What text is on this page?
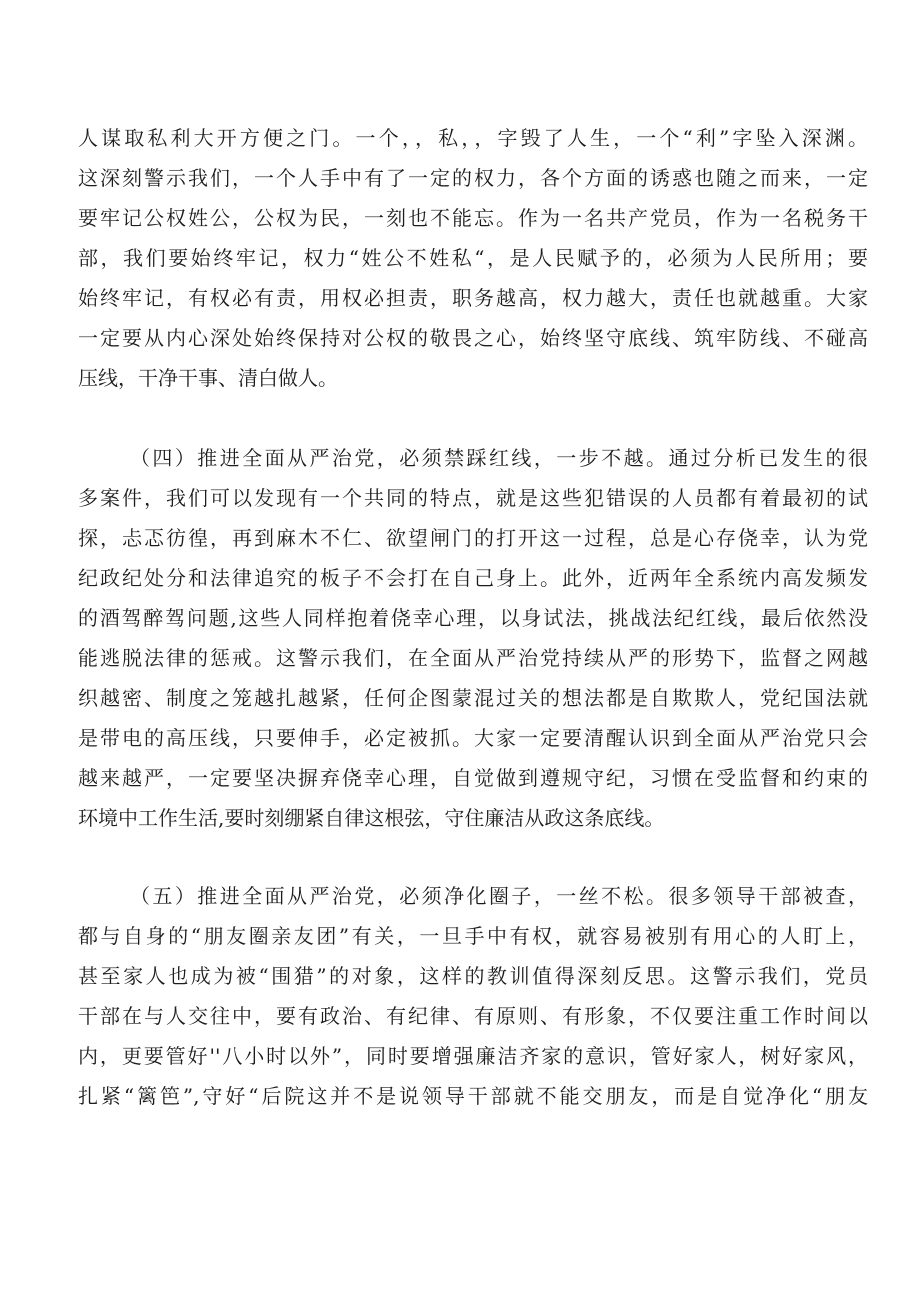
人谋取私利大开方便之门。一个，，私，，字毁了人生，一个“利”字坠入深渊。
这深刻警示我们，一个人手中有了一定的权力，各个方面的诱惑也随之而来，一定
要牢记公权姓公，公权为民，一刻也不能忘。作为一名共产党员，作为一名税务干
部，我们要始终牢记，权力“姓公不姓私“，是人民赋予的，必须为人民所用；要
始终牢记，有权必有责，用权必担责，职务越高，权力越大，责任也就越重。大家
一定要从内心深处始终保持对公权的敬畏之心，始终坚守底线、筑牢防线、不碰高
压线，干净干事、清白做人。
（四）推进全面从严治党，必须禁踩红线，一步不越。通过分析已发生的很
多案件，我们可以发现有一个共同的特点，就是这些犯错误的人员都有着最初的试
探，忐忑彷徨，再到麻木不仁、欲望闸门的打开这一过程，总是心存侥幸，认为党
纪政纪处分和法律追究的板子不会打在自己身上。此外，近两年全系统内高发频发
的酒驾醉驾问题,这些人同样抱着侥幸心理，以身试法，挑战法纪红线，最后依然没
能逃脱法律的惩戒。这警示我们，在全面从严治党持续从严的形势下，监督之网越
织越密、制度之笼越扎越紧，任何企图蒙混过关的想法都是自欺欺人，党纪国法就
是带电的高压线，只要伸手，必定被抓。大家一定要清醒认识到全面从严治党只会
越来越严，一定要坚决摒弃侥幸心理，自觉做到遵规守纪，习惯在受监督和约束的
环境中工作生活,要时刻绷紧自律这根弦，守住廉洁从政这条底线。
（五）推进全面从严治党，必须净化圈子，一丝不松。很多领导干部被查，
都与自身的“朋友圈亲友团”有关，一旦手中有权，就容易被别有用心的人盯上，
甚至家人也成为被“围猎”的对象，这样的教训值得深刻反思。这警示我们，党员
干部在与人交往中，要有政治、有纪律、有原则、有形象，不仅要注重工作时间以
内，更要管好''八小时以外”，同时要增强廉洁齐家的意识，管好家人，树好家风，
扎紧“篱笆”,守好“后院这并不是说领导干部就不能交朋友，而是自觉净化“朋友
